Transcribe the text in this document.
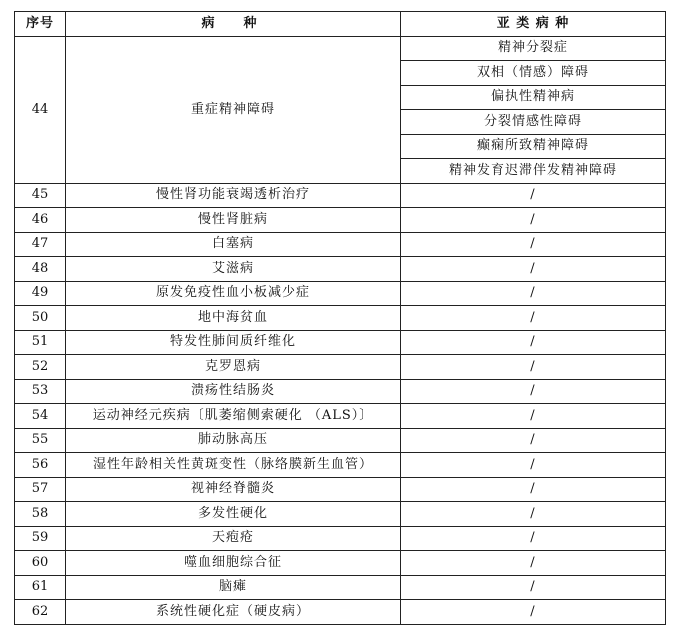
序号	病　种	亚 类 病 种
44	重症精神障碍	精神分裂症
		双相（情感）障碍
		偏执性精神病
		分裂情感性障碍
		癫痫所致精神障碍
		精神发育迟滞伴发精神障碍
45	慢性肾功能衰竭透析治疗	/
46	慢性肾脏病	/
47	白塞病	/
48	艾滋病	/
49	原发免疫性血小板减少症	/
50	地中海贫血	/
51	特发性肺间质纤维化	/
52	克罗恩病	/
53	溃疡性结肠炎	/
54	运动神经元疾病〔肌萎缩侧索硬化 （ALS）〕	/
55	肺动脉高压	/
56	湿性年龄相关性黄斑变性（脉络膜新生血管）	/
57	视神经脊髓炎	/
58	多发性硬化	/
59	天疱疮	/
60	噬血细胞综合征	/
61	脑瘫	/
62	系统性硬化症（硬皮病）	/
